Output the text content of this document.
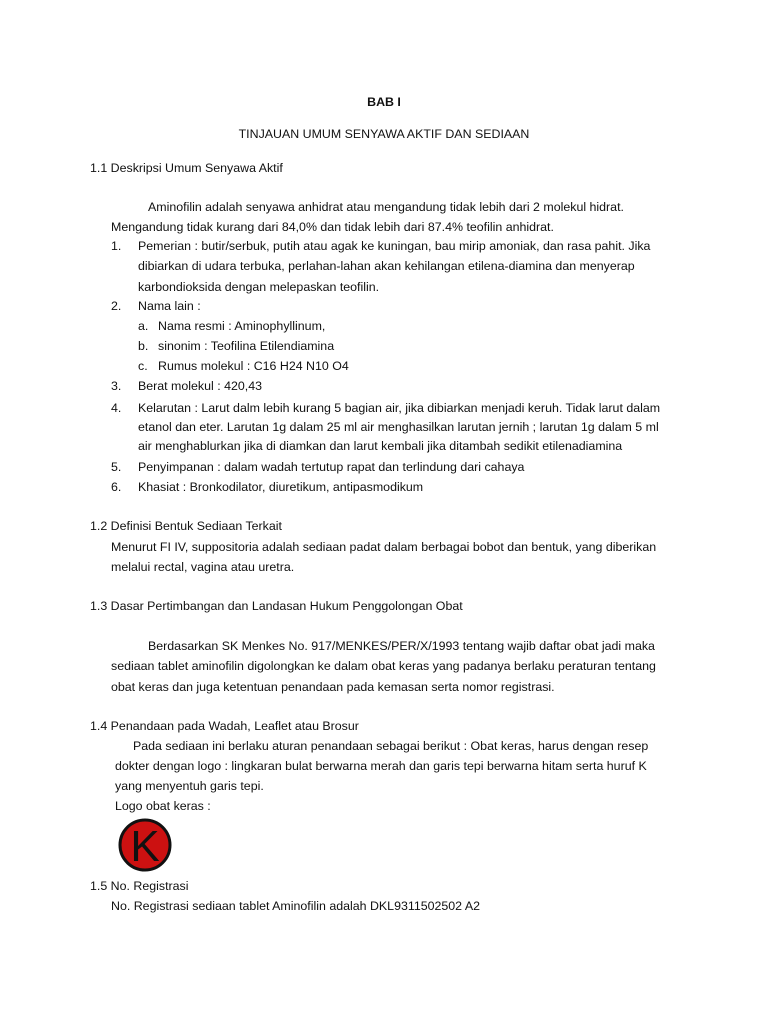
BAB I
TINJAUAN UMUM SENYAWA AKTIF DAN SEDIAAN
1.1 Deskripsi Umum Senyawa Aktif
Aminofilin adalah senyawa anhidrat atau mengandung tidak lebih dari 2 molekul hidrat.
Mengandung tidak kurang dari 84,0% dan tidak lebih dari 87.4% teofilin anhidrat.
1. Pemerian : butir/serbuk, putih atau agak ke kuningan, bau mirip amoniak, dan rasa pahit. Jika
dibiarkan di udara terbuka, perlahan-lahan akan kehilangan etilena-diamina dan menyerap
karbondioksida dengan melepaskan teofilin.
2. Nama lain :
a. Nama resmi : Aminophyllinum,
b. sinonim : Teofilina Etilendiamina
c. Rumus molekul : C16 H24 N10 O4
3. Berat molekul : 420,43
4. Kelarutan : Larut dalm lebih kurang 5 bagian air, jika dibiarkan menjadi keruh. Tidak larut dalam
etanol dan eter. Larutan 1g dalam 25 ml air menghasilkan larutan jernih ; larutan 1g dalam 5 ml
air menghablurkan jika di diamkan dan larut kembali jika ditambah sedikit etilenadiamina
5. Penyimpanan : dalam wadah tertutup rapat dan terlindung dari cahaya
6. Khasiat : Bronkodilator, diuretikum, antipasmodikum
1.2 Definisi Bentuk Sediaan Terkait
Menurut FI IV, suppositoria adalah sediaan padat dalam berbagai bobot dan bentuk, yang diberikan
melalui rectal, vagina atau uretra.
1.3 Dasar Pertimbangan dan Landasan Hukum Penggolongan Obat
Berdasarkan SK Menkes No. 917/MENKES/PER/X/1993 tentang wajib daftar obat jadi maka
sediaan tablet aminofilin digolongkan ke dalam obat keras yang padanya berlaku peraturan tentang
obat keras dan juga ketentuan penandaan pada kemasan serta nomor registrasi.
1.4 Penandaan pada Wadah, Leaflet atau Brosur
Pada sediaan ini berlaku aturan penandaan sebagai berikut : Obat keras, harus dengan resep
dokter dengan logo : lingkaran bulat berwarna merah dan garis tepi berwarna hitam serta huruf K
yang menyentuh garis tepi.
Logo obat keras :
K
1.5 No. Registrasi
No. Registrasi sediaan tablet Aminofilin adalah DKL9311502502 A2
